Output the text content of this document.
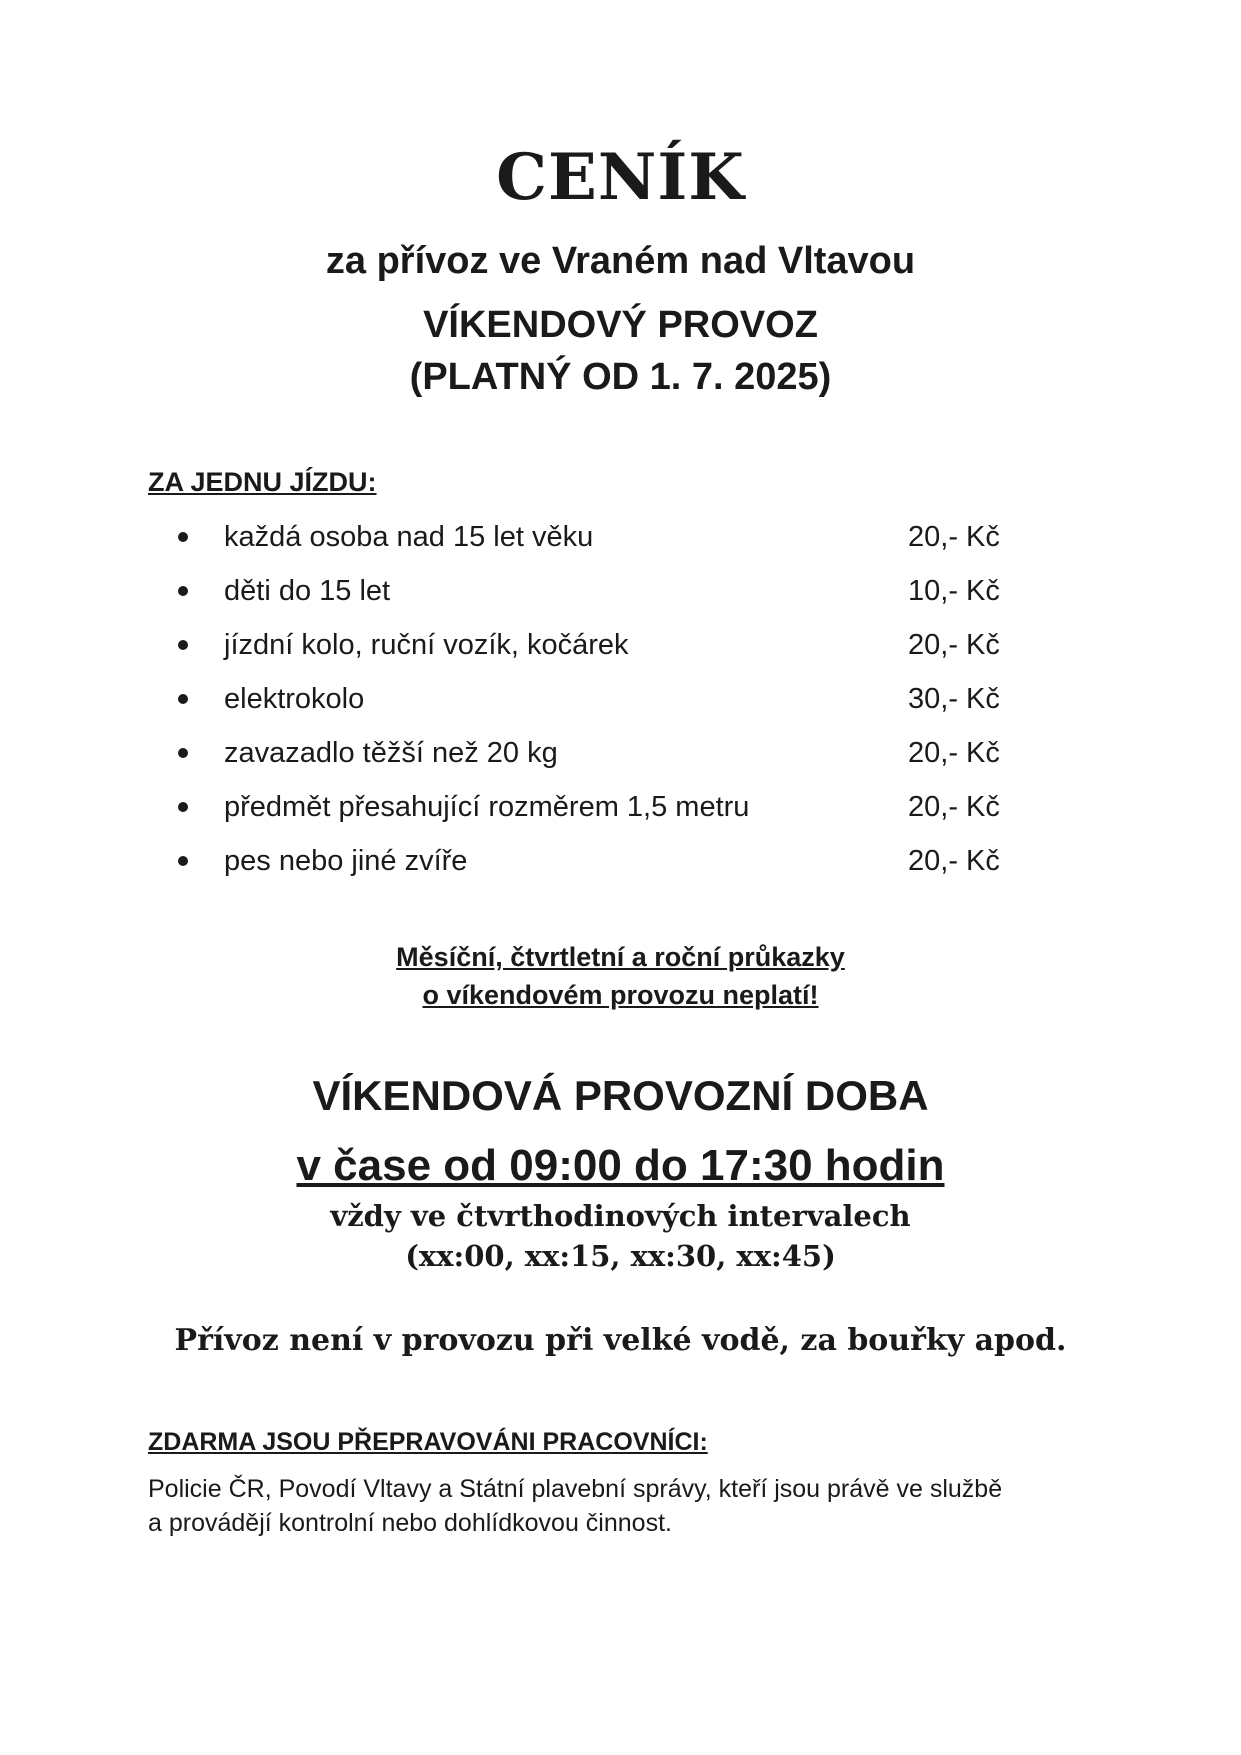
CENÍK
za přívoz ve Vraném nad Vltavou
VÍKENDOVÝ PROVOZ
(PLATNÝ OD 1. 7. 2025)
ZA JEDNU JÍZDU:
každá osoba nad 15 let věku	20,- Kč
děti do 15 let	10,- Kč
jízdní kolo, ruční vozík, kočárek	20,- Kč
elektrokolo	30,- Kč
zavazadlo těžší než 20 kg	20,- Kč
předmět přesahující rozměrem 1,5 metru	20,- Kč
pes nebo jiné zvíře	20,- Kč
Měsíční, čtvrtletní a roční průkazky
o víkendovém provozu neplatí!
VÍKENDOVÁ PROVOZNÍ DOBA
v čase od 09:00 do 17:30 hodin
vždy ve čtvrthodinových intervalech
(xx:00, xx:15, xx:30, xx:45)
Přívoz není v provozu při velké vodě, za bouřky apod.
ZDARMA JSOU PŘEPRAVOVÁNI PRACOVNÍCI:
Policie ČR, Povodí Vltavy a Státní plavební správy, kteří jsou právě ve službě
a provádějí kontrolní nebo dohlídkovou činnost.
